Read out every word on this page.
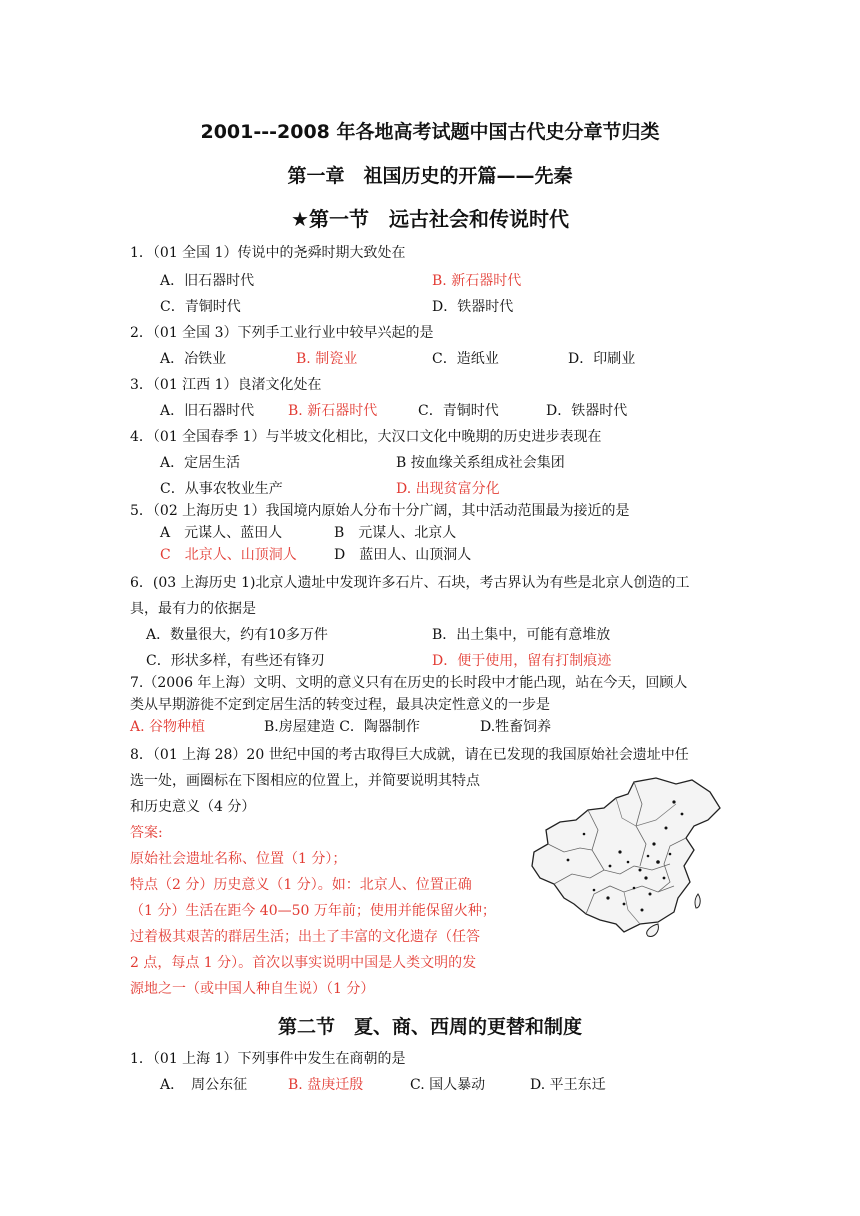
2001---2008 年各地高考试题中国古代史分章节归类
第一章　祖国历史的开篇——先秦
★第一节　远古社会和传说时代
1．（01 全国 1）传说中的尧舜时期大致处在
A．旧石器时代	B. 新石器时代
C．青铜时代	D．铁器时代
2．（01 全国 3）下列手工业行业中较早兴起的是
A．冶铁业	B. 制瓷业	C．造纸业	D．印刷业
3．（01 江西 1）良渚文化处在
A．旧石器时代 B. 新石器时代	C．青铜时代	D．铁器时代
4．（01 全国春季 1）与半坡文化相比，大汉口文化中晚期的历史进步表现在
A．定居生活	B 按血缘关系组成社会集团
C．从事农牧业生产	D. 出现贫富分化
5．（02 上海历史 1）我国境内原始人分布十分广阔，其中活动范围最为接近的是
A　元谋人、蓝田人	B　元谋人、北京人
C　北京人、山顶洞人	D　蓝田人、山顶洞人
6．(03 上海历史 1)北京人遗址中发现许多石片、石块，考古界认为有些是北京人创造的工
具，最有力的依据是
A．数量很大，约有10多万件	B．出土集中，可能有意堆放
C．形状多样，有些还有锋刃	D．便于使用，留有打制痕迹
7.（2006 年上海）文明、文明的意义只有在历史的长时段中才能凸现，站在今天，回顾人
类从早期游徙不定到定居生活的转变过程，最具决定性意义的一步是
A. 谷物种植	B.房屋建造 C．陶器制作	D.牲畜饲养
8．（01 上海 28）20 世纪中国的考古取得巨大成就，请在已发现的我国原始社会遗址中任
选一处，画圈标在下图相应的位置上，并简要说明其特点
和历史意义（4 分）
答案:
原始社会遗址名称、位置（1 分）；
特点（2 分）历史意义（1 分）。如：北京人、位置正确
（1 分）生活在距今 40—50 万年前；使用并能保留火种；
过着极其艰苦的群居生活；出土了丰富的文化遗存（任答
2 点，每点 1 分）。首次以事实说明中国是人类文明的发
源地之一（或中国人种自生说）（1 分）
第二节　夏、商、西周的更替和制度
1．（01 上海 1）下列事件中发生在商朝的是
A．　周公东征	B. 盘庚迁殷	C. 国人暴动	D. 平王东迁
